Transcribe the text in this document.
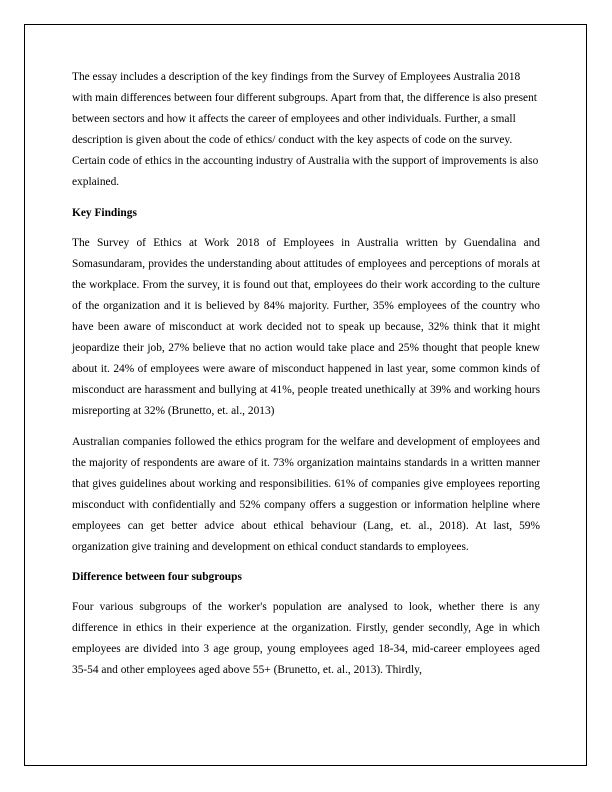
The essay includes a description of the key findings from the Survey of Employees Australia 2018 with main differences between four different subgroups. Apart from that, the difference is also present between sectors and how it affects the career of employees and other individuals. Further, a small description is given about the code of ethics/ conduct with the key aspects of code on the survey. Certain code of ethics in the accounting industry of Australia with the support of improvements is also explained.

Key Findings

The Survey of Ethics at Work 2018 of Employees in Australia written by Guendalina and Somasundaram, provides the understanding about attitudes of employees and perceptions of morals at the workplace. From the survey, it is found out that, employees do their work according to the culture of the organization and it is believed by 84% majority. Further, 35% employees of the country who have been aware of misconduct at work decided not to speak up because, 32% think that it might jeopardize their job, 27% believe that no action would take place and 25% thought that people knew about it. 24% of employees were aware of misconduct happened in last year, some common kinds of misconduct are harassment and bullying at 41%, people treated unethically at 39% and working hours misreporting at 32% (Brunetto, et. al., 2013)

Australian companies followed the ethics program for the welfare and development of employees and the majority of respondents are aware of it. 73% organization maintains standards in a written manner that gives guidelines about working and responsibilities. 61% of companies give employees reporting misconduct with confidentially and 52% company offers a suggestion or information helpline where employees can get better advice about ethical behaviour (Lang, et. al., 2018). At last, 59% organization give training and development on ethical conduct standards to employees.

Difference between four subgroups

Four various subgroups of the worker's population are analysed to look, whether there is any difference in ethics in their experience at the organization. Firstly, gender secondly, Age in which employees are divided into 3 age group, young employees aged 18-34, mid-career employees aged 35-54 and other employees aged above 55+ (Brunetto, et. al., 2013). Thirdly,
